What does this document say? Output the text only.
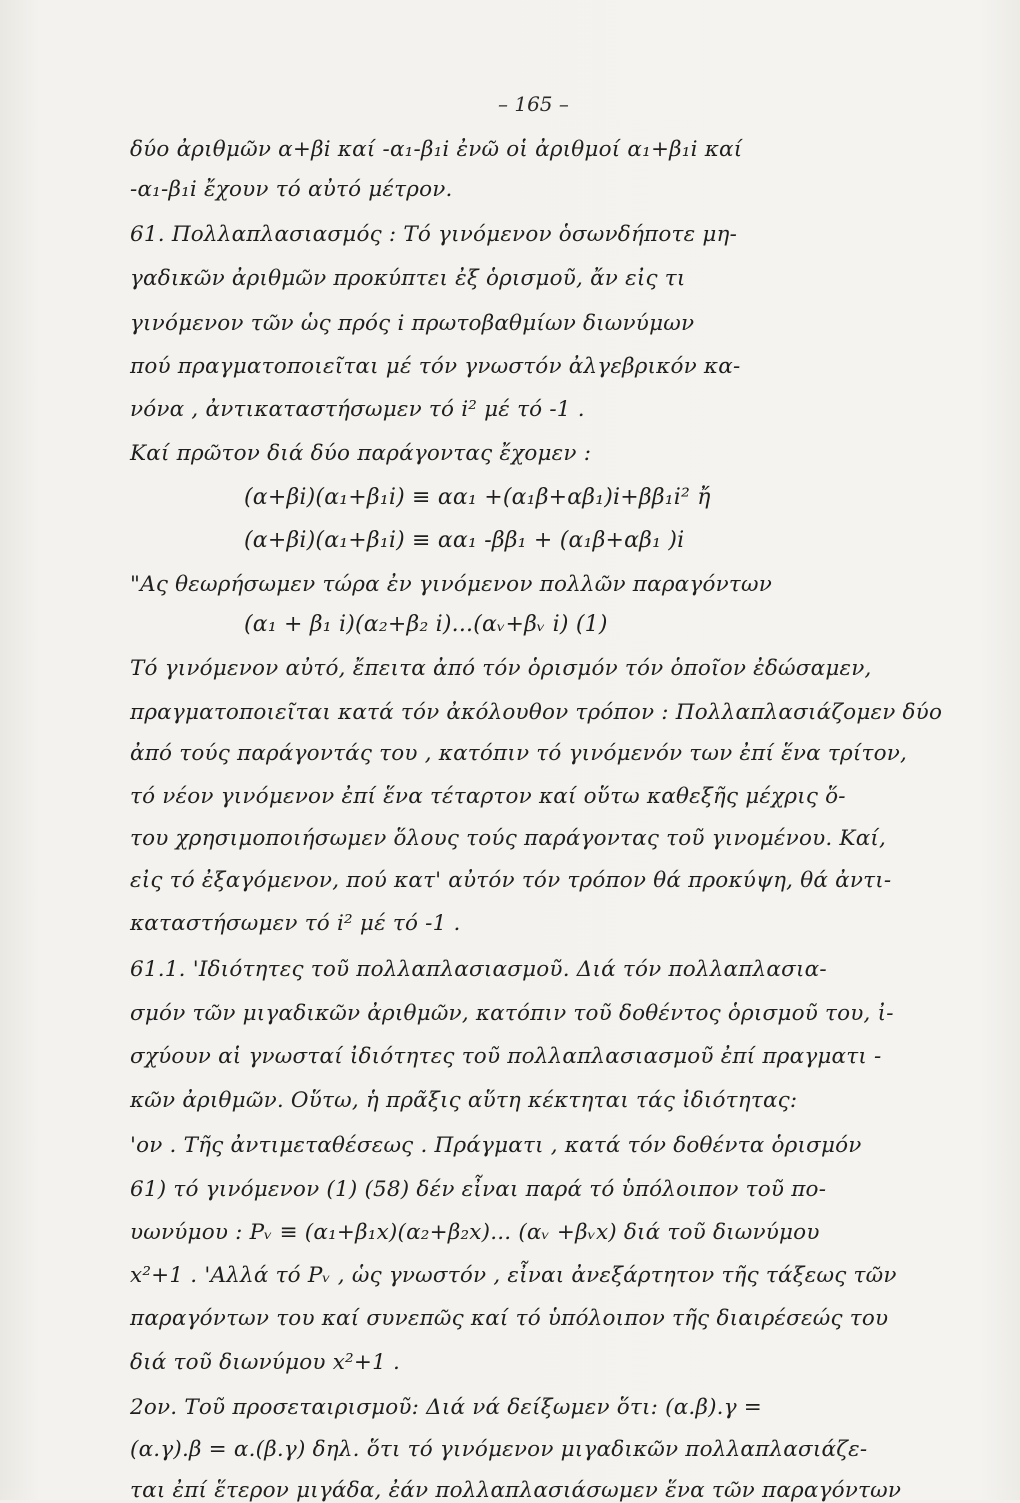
– 165 –
δύο ἀριθμῶν α+βi καί -α₁-β₁i ἐνῶ οἱ ἀριθμοί α₁+β₁i καί
-α₁-β₁i ἔχουν τό αὐτό μέτρον.
61. Πολλαπλασιασμός : Τό γινόμενον ὁσωνδήποτε μη-
γαδικῶν ἀριθμῶν προκύπτει ἐξ ὁρισμοῦ, ἄν εἰς τι
γινόμενον τῶν ὡς πρός i πρωτοβαθμίων διωνύμων
πού πραγματοποιεῖται μέ τόν γνωστόν ἀλγεβρικόν κα-
νόνα , ἀντικαταστήσωμεν τό i² μέ τό -1 .
Καί πρῶτον διά δύο παράγοντας ἔχομεν :
(α+βi)(α₁+β₁i) ≡ αα₁ +(α₁β+αβ₁)i+ββ₁i² ἤ
(α+βi)(α₁+β₁i) ≡ αα₁ -ββ₁ + (α₁β+αβ₁ )i
"Ας θεωρήσωμεν τώρα ἐν γινόμενον πολλῶν παραγόντων
(α₁ + β₁ i)(α₂+β₂ i)...(αᵥ+βᵥ i) (1)
Τό γινόμενον αὐτό, ἔπειτα ἀπό τόν ὁρισμόν τόν ὁποῖον ἐδώσαμεν,
πραγματοποιεῖται κατά τόν ἀκόλουθον τρόπον : Πολλαπλασιάζομεν δύο
ἀπό τούς παράγοντάς του , κατόπιν τό γινόμενόν των ἐπί ἕνα τρίτον,
τό νέον γινόμενον ἐπί ἕνα τέταρτον καί οὕτω καθεξῆς μέχρις ὅ-
του χρησιμοποιήσωμεν ὅλους τούς παράγοντας τοῦ γινομένου. Καί,
εἰς τό ἐξαγόμενον, πού κατ' αὐτόν τόν τρόπον θά προκύψη, θά ἀντι-
καταστήσωμεν τό i² μέ τό -1 .
61.1. 'Ιδιότητες τοῦ πολλαπλασιασμοῦ. Διά τόν πολλαπλασια-
σμόν τῶν μιγαδικῶν ἀριθμῶν, κατόπιν τοῦ δοθέντος ὁρισμοῦ του, ἰ-
σχύουν αἱ γνωσταί ἰδιότητες τοῦ πολλαπλασιασμοῦ ἐπί πραγματι -
κῶν ἀριθμῶν. Οὕτω, ἡ πρᾶξις αὕτη κέκτηται τάς ἰδιότητας:
'ον . Τῆς ἀντιμεταθέσεως . Πράγματι , κατά τόν δοθέντα ὁρισμόν
61) τό γινόμενον (1) (58) δέν εἶναι παρά τό ὑπόλοιπον τοῦ πο-
υωνύμου : Pᵥ ≡ (α₁+β₁x)(α₂+β₂x)... (αᵥ +βᵥx) διά τοῦ διωνύμου
x²+1 . 'Αλλά τό Pᵥ , ὡς γνωστόν , εἶναι ἀνεξάρτητον τῆς τάξεως τῶν
παραγόντων του καί συνεπῶς καί τό ὑπόλοιπον τῆς διαιρέσεώς του
διά τοῦ διωνύμου x²+1 .
2ον. Τοῦ προσεταιρισμοῦ: Διά νά δείξωμεν ὅτι: (α.β).γ =
(α.γ).β = α.(β.γ) δηλ. ὅτι τό γινόμενον μιγαδικῶν πολλαπλασιάζε-
ται ἐπί ἕτερον μιγάδα, ἐάν πολλαπλασιάσωμεν ἕνα τῶν παραγόντων
